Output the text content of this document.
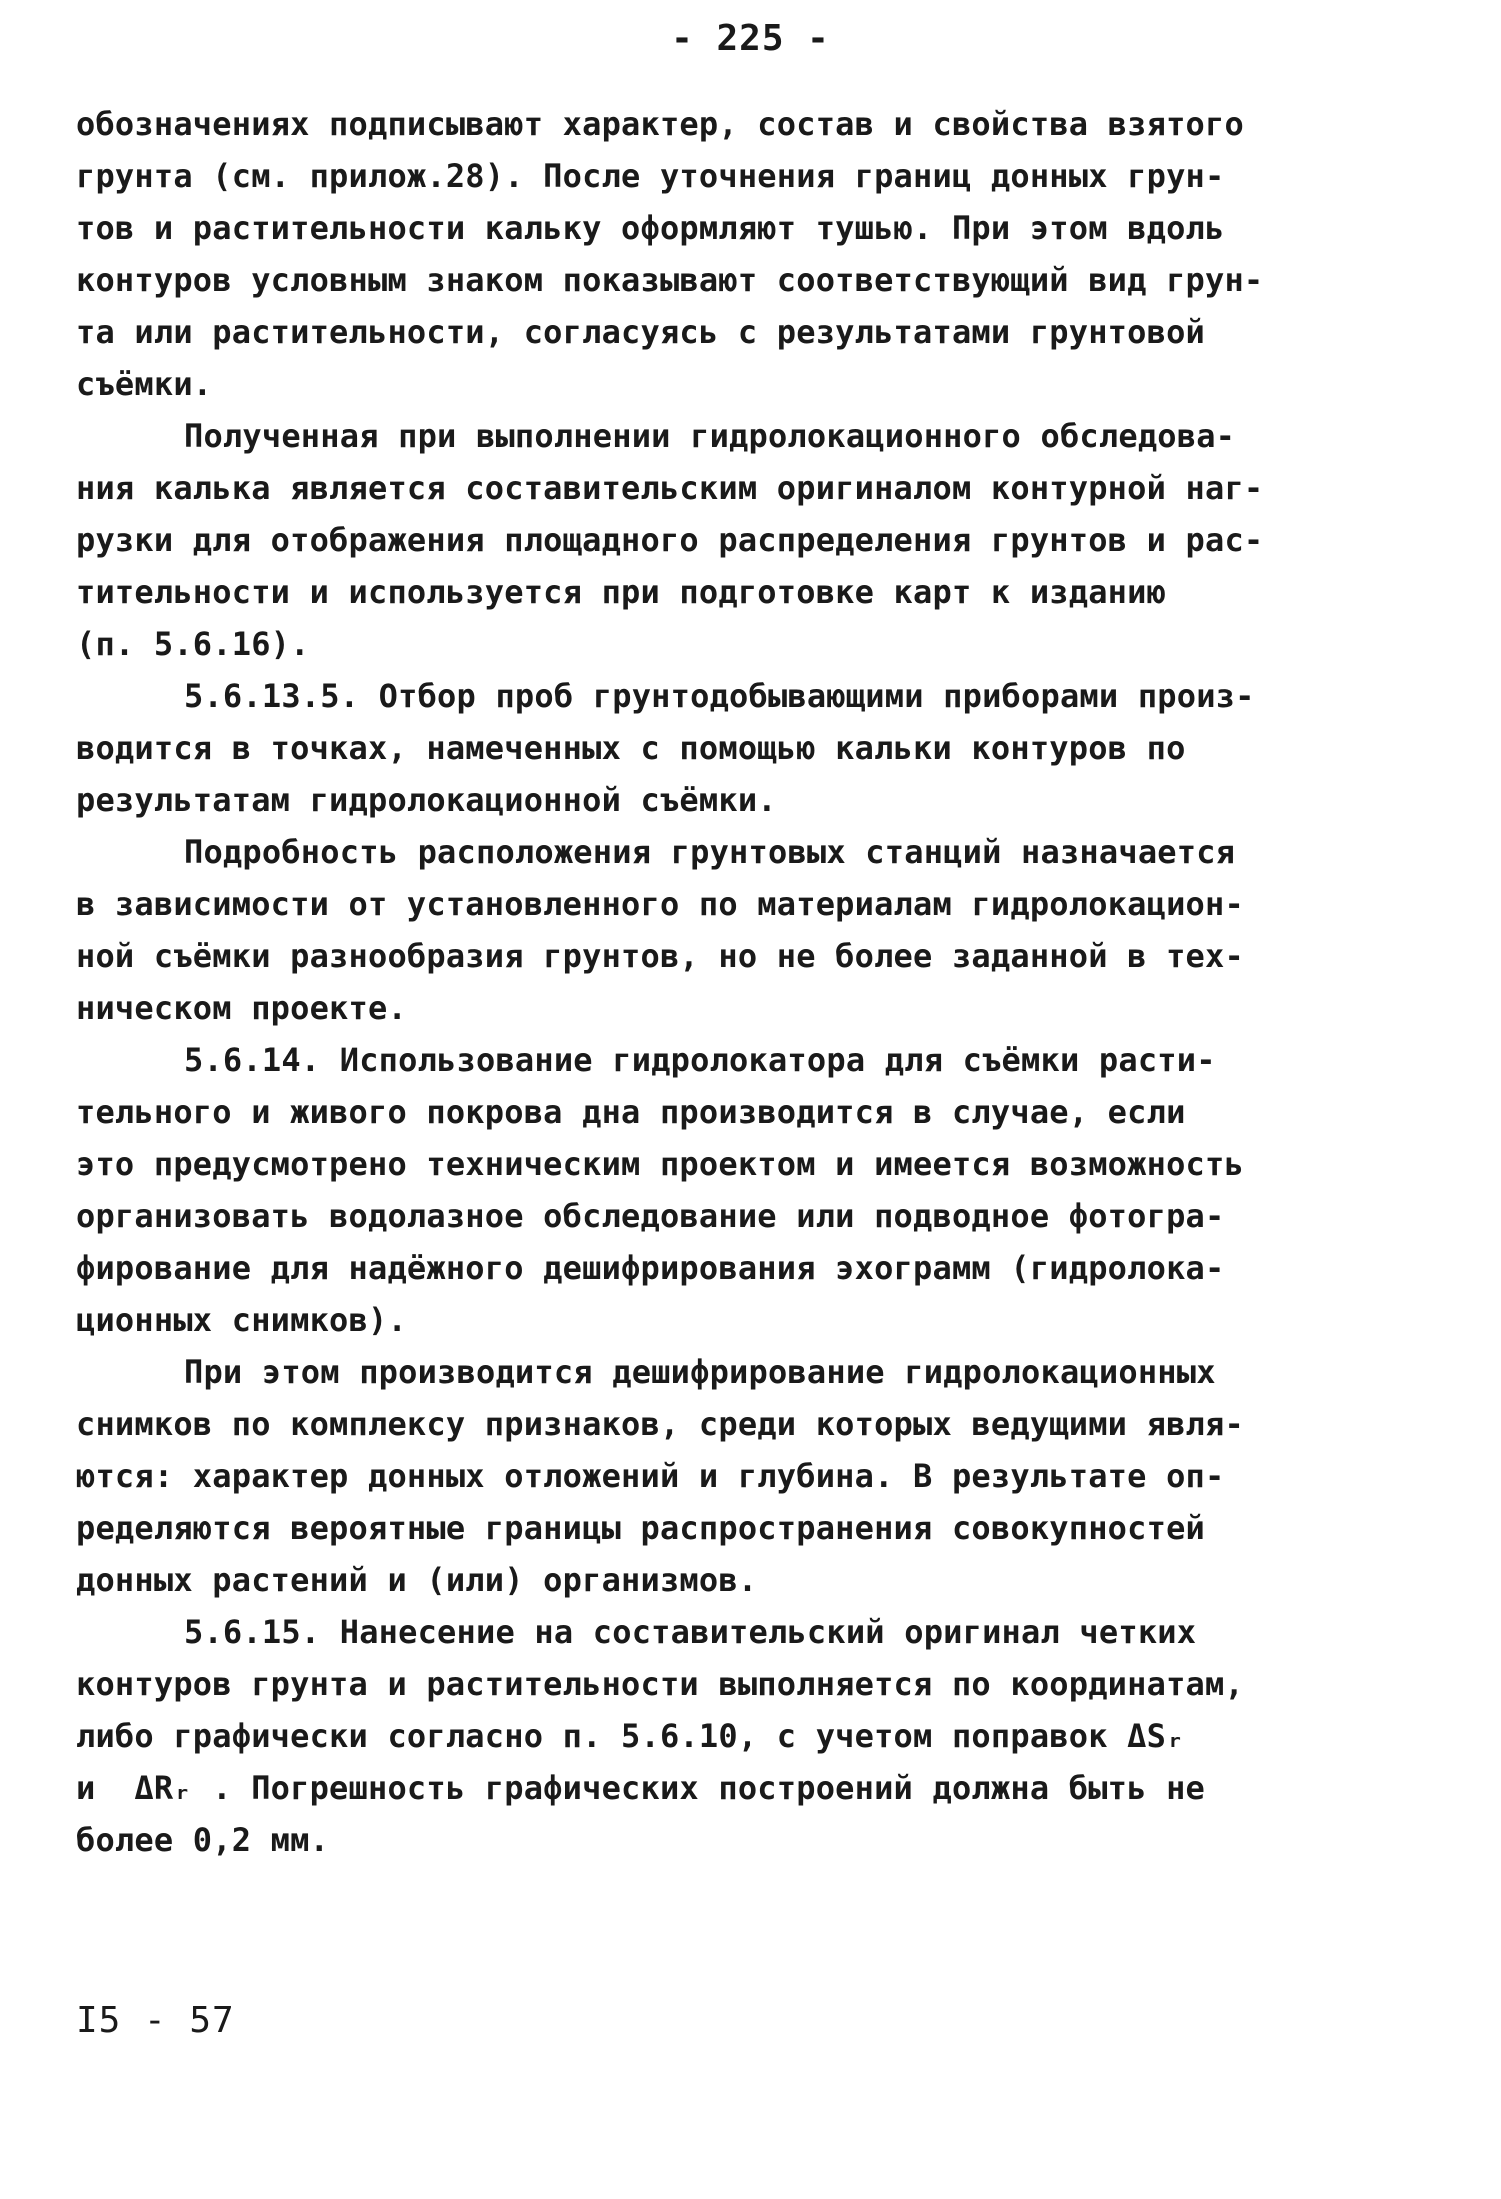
- 225 -
обозначениях подписывают характер, состав и свойства взятого
грунта (см. прилож.28). После уточнения границ донных грун-
тов и растительности кальку оформляют тушью. При этом вдоль
контуров условным знаком показывают соответствующий вид грун-
та или растительности, согласуясь с результатами грунтовой
съёмки.
Полученная при выполнении гидролокационного обследова-
ния калька является составительским оригиналом контурной наг-
рузки для отображения площадного распределения грунтов и рас-
тительности и используется при подготовке карт к изданию
(п. 5.6.16).
5.6.13.5. Отбор проб грунтодобывающими приборами произ-
водится в точках, намеченных с помощью кальки контуров по
результатам гидролокационной съёмки.
Подробность расположения грунтовых станций назначается
в зависимости от установленного по материалам гидролокацион-
ной съёмки разнообразия грунтов, но не более заданной в тех-
ническом проекте.
5.6.14. Использование гидролокатора для съёмки расти-
тельного и живого покрова дна производится в случае, если
это предусмотрено техническим проектом и имеется возможность
организовать водолазное обследование или подводное фотогра-
фирование для надёжного дешифрирования эхограмм (гидролока-
ционных снимков).
При этом производится дешифрирование гидролокационных
снимков по комплексу признаков, среди которых ведущими явля-
ются: характер донных отложений и глубина. В результате оп-
ределяются вероятные границы распространения совокупностей
донных растений и (или) организмов.
5.6.15. Нанесение на составительский оригинал четких
контуров грунта и растительности выполняется по координатам,
либо графически согласно п. 5.6.10, с учетом поправок ΔSᵣ
и  ΔRᵣ . Погрешность графических построений должна быть не
более 0,2 мм.
I5 - 57
